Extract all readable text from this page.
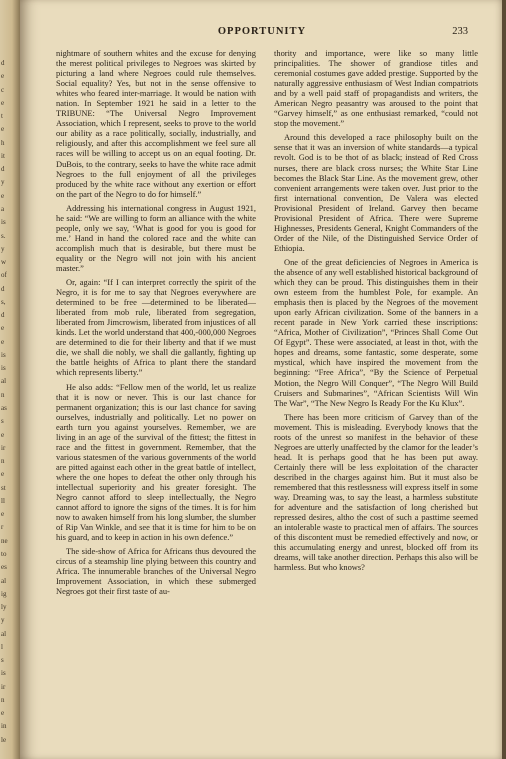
d
e
c
e
t
e
h
it
d
y
e
a
is
s.
y
w
of
d
s,
d
e
e
is
is
al
n
as
s
e
ir
n
e
st
ll
e
r
ne
to
es
al
ig
ly
y
al
l
s
is
ir
n
e
in
le
OPPORTUNITY	233

nightmare of southern whites and the excuse for denying the merest political privileges to Negroes was skirted by picturing a land where Negroes could rule themselves. Social equality? Yes, but not in the sense offensive to whites who feared inter-marriage. It would be nation with nation. In September 1921 he said in a letter to the TRIBUNE: “The Universal Negro Improvement Association, which I represent, seeks to prove to the world our ability as a race politically, socially, industrially, and religiously, and after this accomplishment we feel sure all races will be willing to accept us on an equal footing. Dr. DuBois, to the contrary, seeks to have the white race admit Negroes to the full enjoyment of all the privileges produced by the white race without any exertion or effort on the part of the Negro to do for himself.”

Addressing his international congress in August 1921, he said: “We are willing to form an alliance with the white people, only we say, ‘What is good for you is good for me.’ Hand in hand the colored race and the white can accomplish much that is desirable, but there must be equality or the Negro will not join with his ancient master.”

Or, again: “If I can interpret correctly the spirit of the Negro, it is for me to say that Negroes everywhere are determined to be free —determined to be liberated—liberated from mob rule, liberated from segregation, liberated from Jimcrowism, liberated from injustices of all kinds. Let the world understand that 400,-000,000 Negroes are determined to die for their liberty and that if we must die, we shall die nobly, we shall die gallantly, fighting up the battle heights of Africa to plant there the standard which represents liberty.”

He also adds: “Fellow men of the world, let us realize that it is now or never. This is our last chance for permanent organization; this is our last chance for saving ourselves, industrially and politically. Let no power on earth turn you against yourselves. Remember, we are living in an age of the survival of the fittest; the fittest in race and the fittest in government. Remember, that the various statesmen of the various governments of the world are pitted against each other in the great battle of intellect, where the one hopes to defeat the other only through his intellectual superiority and his greater foresight. The Negro cannot afford to sleep intellectually, the Negro cannot afford to ignore the signs of the times. It is for him now to awaken himself from his long slumber, the slumber of Rip Van Winkle, and see that it is time for him to be on his guard, and to keep in action in his own defence.”

The side-show of Africa for Africans thus devoured the circus of a steamship line plying between this country and Africa. The innumerable branches of the Universal Negro Improvement Association, in which these submerged Negroes got their first taste of au-

thority and importance, were like so many little principalities. The shower of grandiose titles and ceremonial costumes gave added prestige. Supported by the naturally aggressive enthusiasm of West Indian compatriots and by a well paid staff of propagandists and writers, the American Negro peasantry was aroused to the point that “Garvey himself,” as one enthusiast remarked, “could not stop the movement.”

Around this developed a race philosophy built on the sense that it was an inversion of white standards—a typical revolt. God is to be thot of as black; instead of Red Cross nurses, there are black cross nurses; the White Star Line becomes the Black Star Line. As the movement grew, other convenient arrangements were taken over. Just prior to the first international convention, De Valera was elected Provisional President of Ireland. Garvey then became Provisional President of Africa. There were Supreme Highnesses, Presidents General, Knight Commanders of the Order of the Nile, of the Distinguished Service Order of Ethiopia.

One of the great deficiencies of Negroes in America is the absence of any well established historical background of which they can be proud. This distinguishes them in their own esteem from the humblest Pole, for example. An emphasis then is placed by the Negroes of the movement upon early African civilization. Some of the banners in a recent parade in New York carried these inscriptions: “Africa, Mother of Civilization”, “Princes Shall Come Out Of Egypt”. These were associated, at least in thot, with the hopes and dreams, some fantastic, some desperate, some mystical, which have inspired the movement from the beginning: “Free Africa”, “By the Science of Perpetual Motion, the Negro Will Conquer”, “The Negro Will Build Cruisers and Submarines”, “African Scientists Will Win The War”, “The New Negro Is Ready For the Ku Klux”.

There has been more criticism of Garvey than of the movement. This is misleading. Everybody knows that the roots of the unrest so manifest in the behavior of these Negroes are utterly unaffected by the clamor for the leader’s head. It is perhaps good that he has been put away. Certainly there will be less exploitation of the character described in the charges against him. But it must also be remembered that this restlessness will express itself in some way. Dreaming was, to say the least, a harmless substitute for adventure and the satisfaction of long cherished but repressed desires, altho the cost of such a pasttime seemed an intolerable waste to practical men of affairs. The sources of this discontent must be remedied effectively and now, or this accumulating energy and unrest, blocked off from its dreams, will take another direction. Perhaps this also will be harmless. But who knows?
